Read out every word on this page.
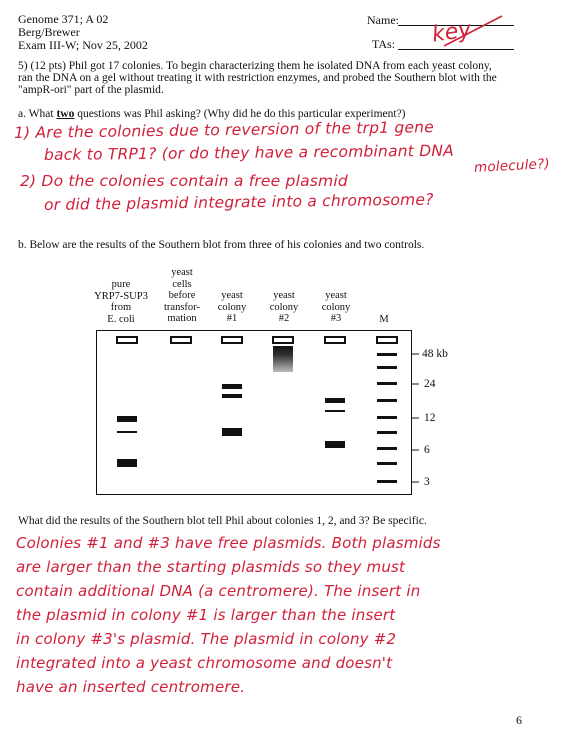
Genome 371; A 02
Berg/Brewer
Exam III-W; Nov 25, 2002
Name:
TAs: key
5) (12 pts) Phil got 17 colonies. To begin characterizing them he isolated DNA from each yeast colony,
ran the DNA on a gel without treating it with restriction enzymes, and probed the Southern blot with the
"ampR-ori" part of the plasmid.
a. What two questions was Phil asking? (Why did he do this particular experiment?)
1) Are the colonies due to reversion of the trp1 gene
back to TRP1? (or do they have a recombinant DNA
molecule?)
2) Do the colonies contain a free plasmid
or did the plasmid integrate into a chromosome?
b. Below are the results of the Southern blot from three of his colonies and two controls.
pure
YRP7-SUP3
from
E. coli
yeast
cells
before
transfor-
mation
yeast
colony
#1
yeast
colony
#2
yeast
colony
#3	M
48 kb
24
12
6
3
What did the results of the Southern blot tell Phil about colonies 1, 2, and 3? Be specific.
Colonies #1 and #3 have free plasmids. Both plasmids
are larger than the starting plasmids so they must
contain additional DNA (a centromere). The insert in
the plasmid in colony #1 is larger than the insert
in colony #3's plasmid. The plasmid in colony #2
integrated into a yeast chromosome and doesn't
have an inserted centromere.
6
